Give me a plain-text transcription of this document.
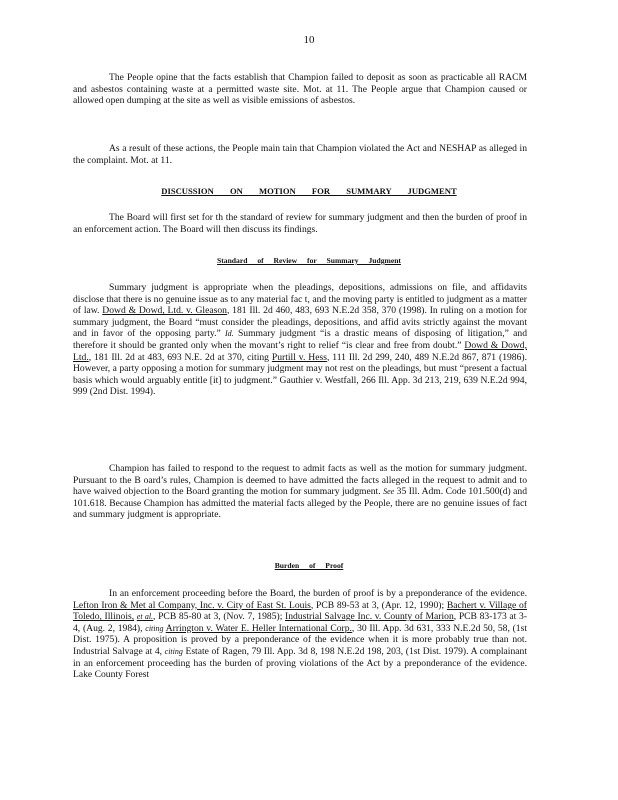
10

The People opine that the facts establish that Champion failed to deposit as soon as practicable all RACM and asbestos containing waste at a permitted waste site. Mot. at 11. The People argue that Champion caused or allowed open dumping at the site as well as visible emissions of asbestos.

As a result of these actions, the People main tain that Champion violated the Act and NESHAP as alleged in the complaint. Mot. at 11.

DISCUSSION ON MOTION FOR SUMMARY JUDGMENT

The Board will first set for th the standard of review for summary judgment and then the burden of proof in an enforcement action. The Board will then discuss its findings.

Standard of Review for Summary Judgment

Summary judgment is appropriate when the pleadings, depositions, admissions on file, and affidavits disclose that there is no genuine issue as to any material fac t, and the moving party is entitled to judgment as a matter of law. Dowd & Dowd, Ltd. v. Gleason, 181 Ill. 2d 460, 483, 693 N.E.2d 358, 370 (1998). In ruling on a motion for summary judgment, the Board “must consider the pleadings, depositions, and affid avits strictly against the movant and in favor of the opposing party.” Id. Summary judgment “is a drastic means of disposing of litigation,” and therefore it should be granted only when the movant’s right to relief “is clear and free from doubt.” Dowd & Dowd, Ltd., 181 Ill. 2d at 483, 693 N.E. 2d at 370, citing Purtill v. Hess, 111 Ill. 2d 299, 240, 489 N.E.2d 867, 871 (1986). However, a party opposing a motion for summary judgment may not rest on the pleadings, but must “present a factual basis which would arguably entitle [it] to judgment.” Gauthier v. Westfall, 266 Ill. App. 3d 213, 219, 639 N.E.2d 994, 999 (2nd Dist. 1994).

Champion has failed to respond to the request to admit facts as well as the motion for summary judgment. Pursuant to the B oard’s rules, Champion is deemed to have admitted the facts alleged in the request to admit and to have waived objection to the Board granting the motion for summary judgment. See 35 Ill. Adm. Code 101.500(d) and 101.618. Because Champion has admitted the material facts alleged by the People, there are no genuine issues of fact and summary judgment is appropriate.

Burden of Proof

In an enforcement proceeding before the Board, the burden of proof is by a preponderance of the evidence. Lefton Iron & Met al Company, Inc. v. City of East St. Louis, PCB 89-53 at 3, (Apr. 12, 1990); Bachert v. Village of Toledo, Illinois, et al., PCB 85-80 at 3, (Nov. 7, 1985); Industrial Salvage Inc. v. County of Marion, PCB 83-173 at 3-4, (Aug. 2, 1984), citing Arrington v. Water E. Heller International Corp., 30 Ill. App. 3d 631, 333 N.E.2d 50, 58, (1st Dist. 1975). A proposition is proved by a preponderance of the evidence when it is more probably true than not. Industrial Salvage at 4, citing Estate of Ragen, 79 Ill. App. 3d 8, 198 N.E.2d 198, 203, (1st Dist. 1979). A complainant in an enforcement proceeding has the burden of proving violations of the Act by a preponderance of the evidence. Lake County Forest
